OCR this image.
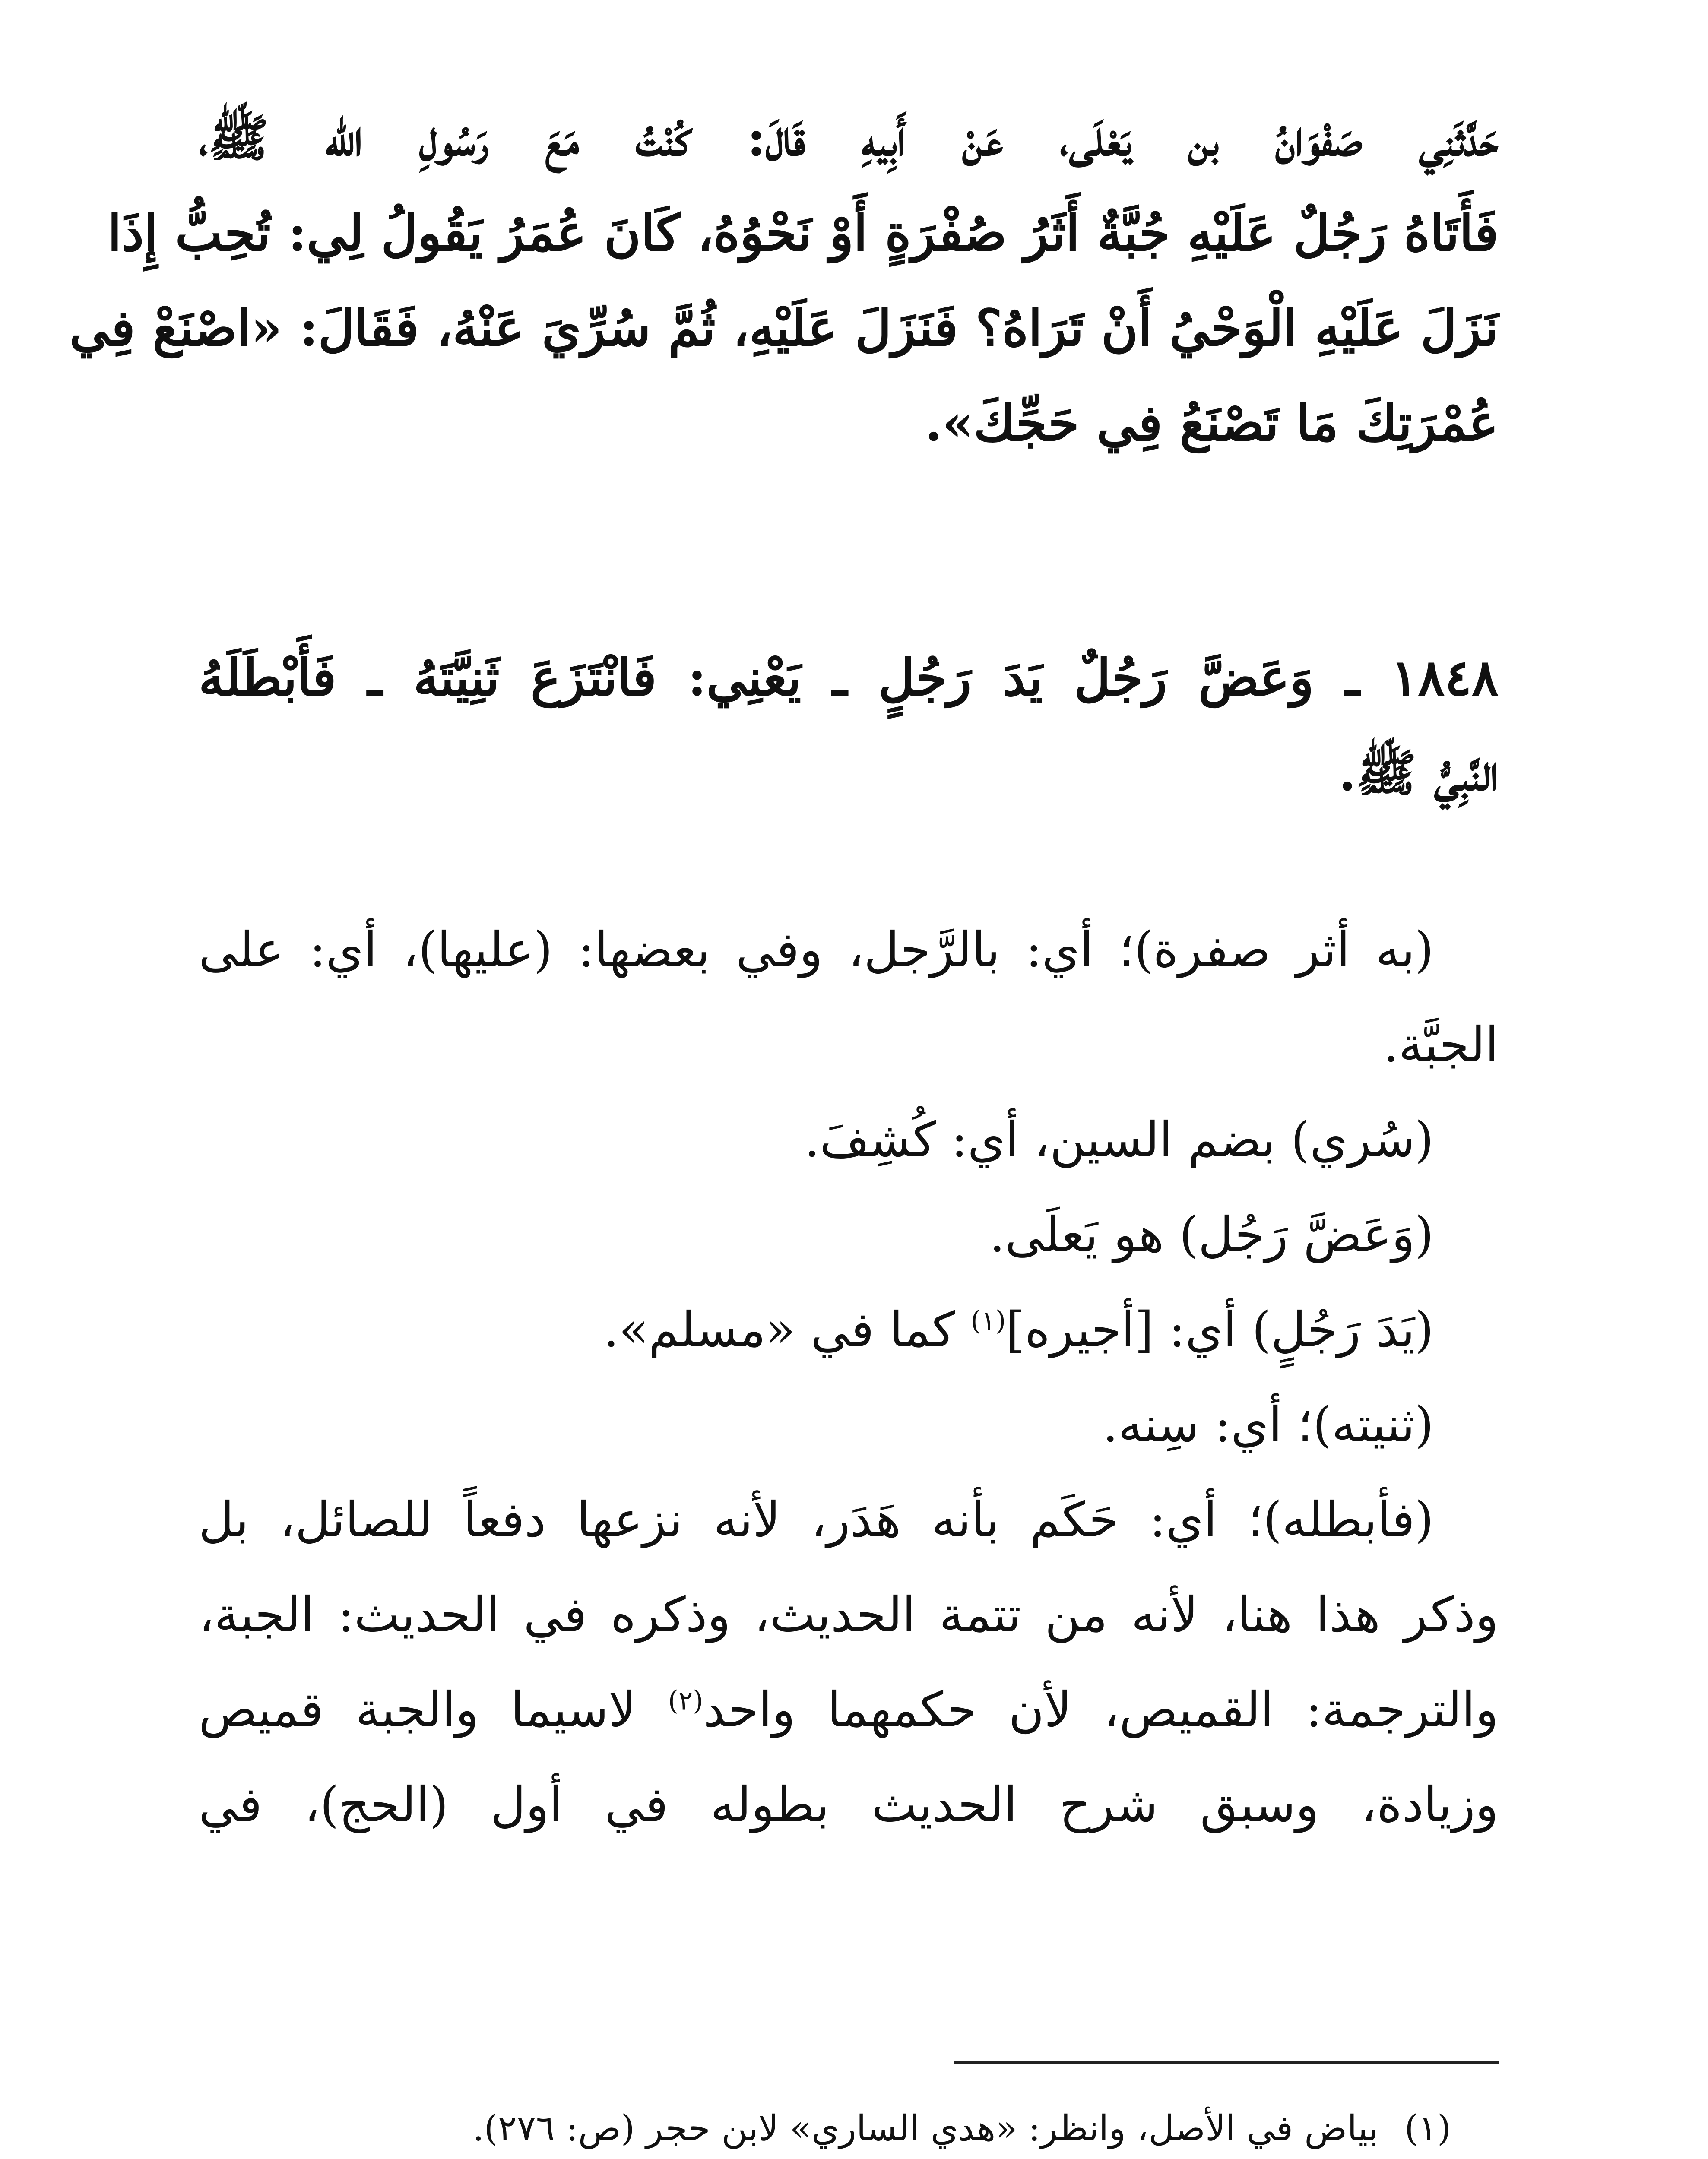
حَدَّثَنِي صَفْوَانُ بن يَعْلَى، عَنْ أَبِيهِ قَالَ: كُنْتُ مَعَ رَسُولِ الله ﷺ،
فَأَتَاهُ رَجُلٌ عَلَيْهِ جُبَّةٌ أَثَرُ صُفْرَةٍ أَوْ نَحْوُهُ، كَانَ عُمَرُ يَقُولُ لِي: تُحِبُّ إِذَا
نَزَلَ عَلَيْهِ الْوَحْيُ أَنْ تَرَاهُ؟ فَنَزَلَ عَلَيْهِ، ثُمَّ سُرِّيَ عَنْهُ، فَقَالَ: «اصْنَعْ فِي
عُمْرَتِكَ مَا تَصْنَعُ فِي حَجِّكَ».
١٨٤٨ ـ وَعَضَّ رَجُلٌ يَدَ رَجُلٍ ـ يَعْنِي: فَانْتَزَعَ ثَنِيَّتَهُ ـ فَأَبْطَلَهُ
النَّبِيُّ ﷺ.
(به أثر صفرة)؛ أي: بالرَّجل، وفي بعضها: (عليها)، أي: على
الجبَّة.
(سُري) بضم السين، أي: كُشِفَ.
(وَعَضَّ رَجُل) هو يَعلَى.
(يَدَ رَجُلٍ) أي: [أجيره]$^{(١)}$ كما في «مسلم».
(ثنيته)؛ أي: سِنه.
(فأبطله)؛ أي: حَكَم بأنه هَدَر، لأنه نزعها دفعاً للصائل، بل
وذكر هذا هنا، لأنه من تتمة الحديث، وذكره في الحديث: الجبة،
والترجمة: القميص، لأن حكمهما واحد$^{(٢)}$ لاسيما والجبة قميص
وزيادة، وسبق شرح الحديث بطوله في أول (الحج)، في
(١)بياض في الأصل، وانظر: «هدي الساري» لابن حجر (ص: ٢٧٦).
